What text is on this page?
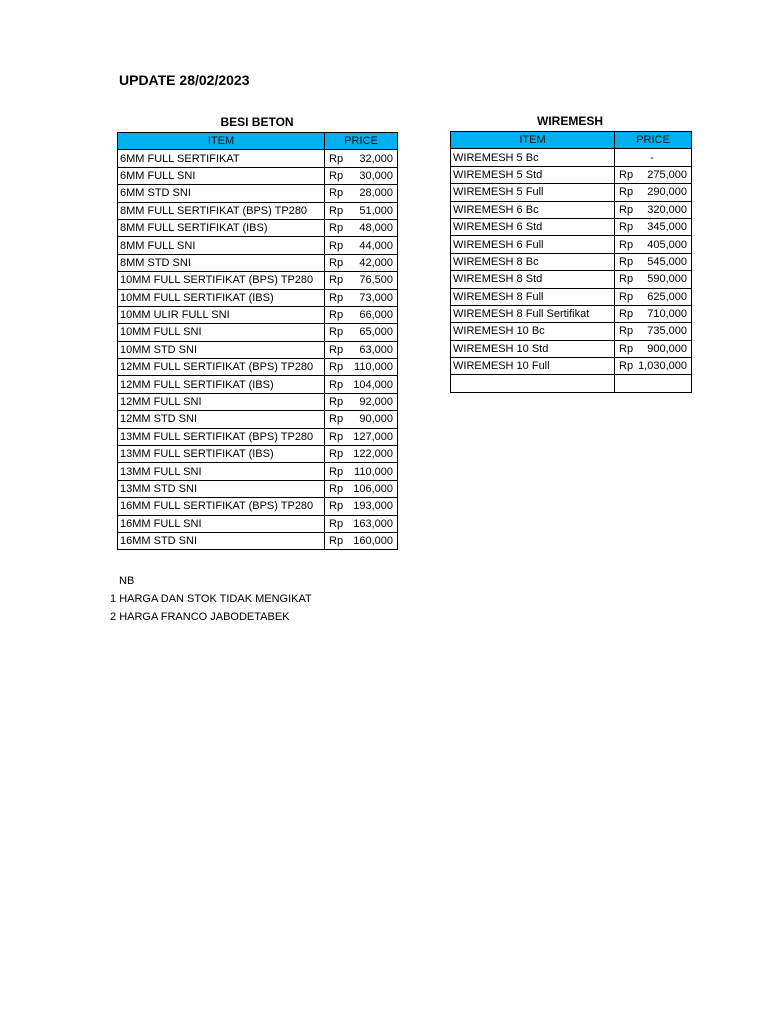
UPDATE 28/02/2023
BESI BETON
ITEM	PRICE
6MM FULL SERTIFIKAT	Rp 32,000

6MM FULL SNI	Rp 30,000

6MM STD SNI	Rp 28,000

8MM FULL SERTIFIKAT (BPS) TP280	Rp 51,000

8MM FULL SERTIFIKAT (IBS)	Rp 48,000

8MM FULL SNI	Rp 44,000

8MM STD SNI	Rp 42,000

10MM FULL SERTIFIKAT (BPS) TP280	Rp 76,500

10MM FULL SERTIFIKAT (IBS)	Rp 73,000

10MM ULIR FULL SNI	Rp 66,000

10MM FULL SNI	Rp 65,000

10MM STD SNI	Rp 63,000

12MM FULL SERTIFIKAT (BPS) TP280	Rp 110,000

12MM FULL SERTIFIKAT (IBS)	Rp 104,000

12MM FULL SNI	Rp 92,000

12MM STD SNI	Rp 90,000

13MM FULL SERTIFIKAT (BPS) TP280	Rp 127,000

13MM FULL SERTIFIKAT (IBS)	Rp 122,000

13MM FULL SNI	Rp 110,000

13MM STD SNI	Rp 106,000

16MM FULL SERTIFIKAT (BPS) TP280	Rp 193,000

16MM FULL SNI	Rp 163,000

16MM STD SNI	Rp 160,000
WIREMESH
ITEM	PRICE
WIREMESH 5 Bc	-

WIREMESH 5 Std	Rp 275,000

WIREMESH 5 Full	Rp 290,000

WIREMESH 6 Bc	Rp 320,000

WIREMESH 6 Std	Rp 345,000

WIREMESH 6 Full	Rp 405,000

WIREMESH 8 Bc	Rp 545,000

WIREMESH 8 Std	Rp 590,000

WIREMESH 8 Full	Rp 625,000

WIREMESH 8 Full Sertifikat	Rp 710,000

WIREMESH 10 Bc	Rp 735,000

WIREMESH 10 Std	Rp 900,000

WIREMESH 10 Full	Rp 1,030,000

NB
1 HARGA DAN STOK TIDAK MENGIKAT
2 HARGA FRANCO JABODETABEK
